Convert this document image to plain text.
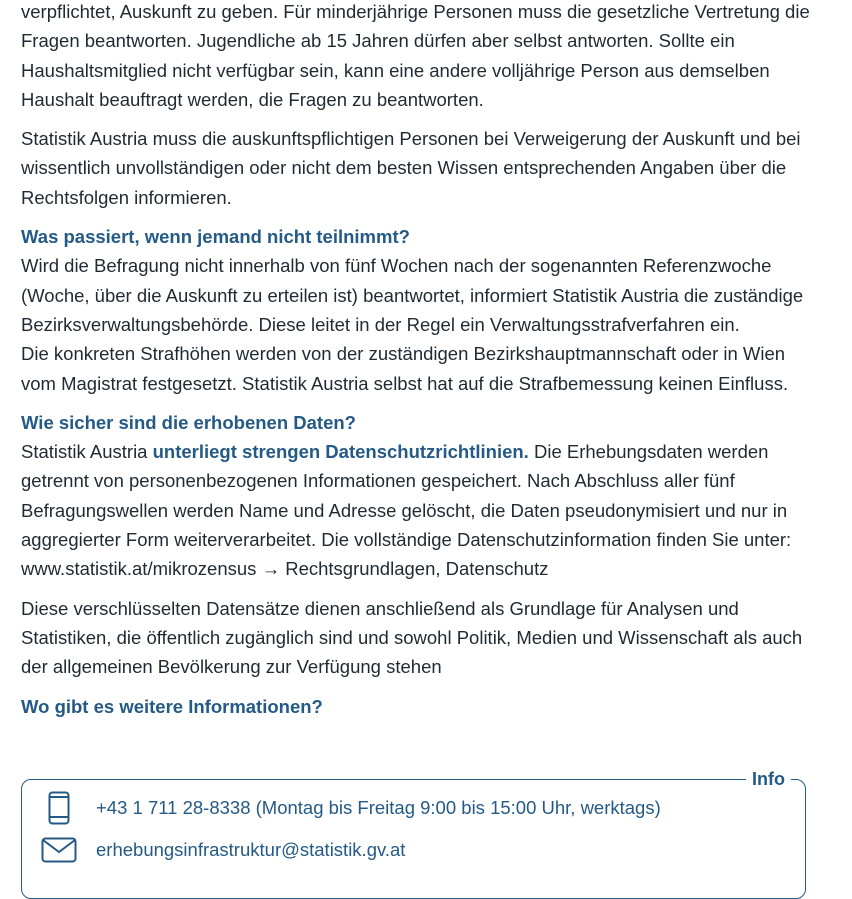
verpflichtet, Auskunft zu geben. Für minderjährige Personen muss die gesetzliche Vertretung die Fragen beantworten. Jugendliche ab 15 Jahren dürfen aber selbst antworten. Sollte ein Haushaltsmitglied nicht verfügbar sein, kann eine andere volljährige Person aus demselben Haushalt beauftragt werden, die Fragen zu beantworten.

Statistik Austria muss die auskunftspflichtigen Personen bei Verweigerung der Auskunft und bei wissentlich unvollständigen oder nicht dem besten Wissen entsprechenden Angaben über die Rechtsfolgen informieren.

Was passiert, wenn jemand nicht teilnimmt?

Wird die Befragung nicht innerhalb von fünf Wochen nach der sogenannten Referenzwoche (Woche, über die Auskunft zu erteilen ist) beantwortet, informiert Statistik Austria die zuständige Bezirksverwaltungsbehörde. Diese leitet in der Regel ein Verwaltungsstrafverfahren ein.

Die konkreten Strafhöhen werden von der zuständigen Bezirkshauptmannschaft oder in Wien vom Magistrat festgesetzt. Statistik Austria selbst hat auf die Strafbemessung keinen Einfluss.

Wie sicher sind die erhobenen Daten?

Statistik Austria unterliegt strengen Datenschutzrichtlinien. Die Erhebungsdaten werden getrennt von personenbezogenen Informationen gespeichert. Nach Abschluss aller fünf Befragungswellen werden Name und Adresse gelöscht, die Daten pseudonymisiert und nur in aggregierter Form weiterverarbeitet. Die vollständige Datenschutzinformation finden Sie unter: www.statistik.at/mikrozensus → Rechtsgrundlagen, Datenschutz

Diese verschlüsselten Datensätze dienen anschließend als Grundlage für Analysen und Statistiken, die öffentlich zugänglich sind und sowohl Politik, Medien und Wissenschaft als auch der allgemeinen Bevölkerung zur Verfügung stehen

Wo gibt es weitere Informationen?
Info
+43 1 711 28-8338 (Montag bis Freitag 9:00 bis 15:00 Uhr, werktags)
erhebungsinfrastruktur@statistik.gv.at
